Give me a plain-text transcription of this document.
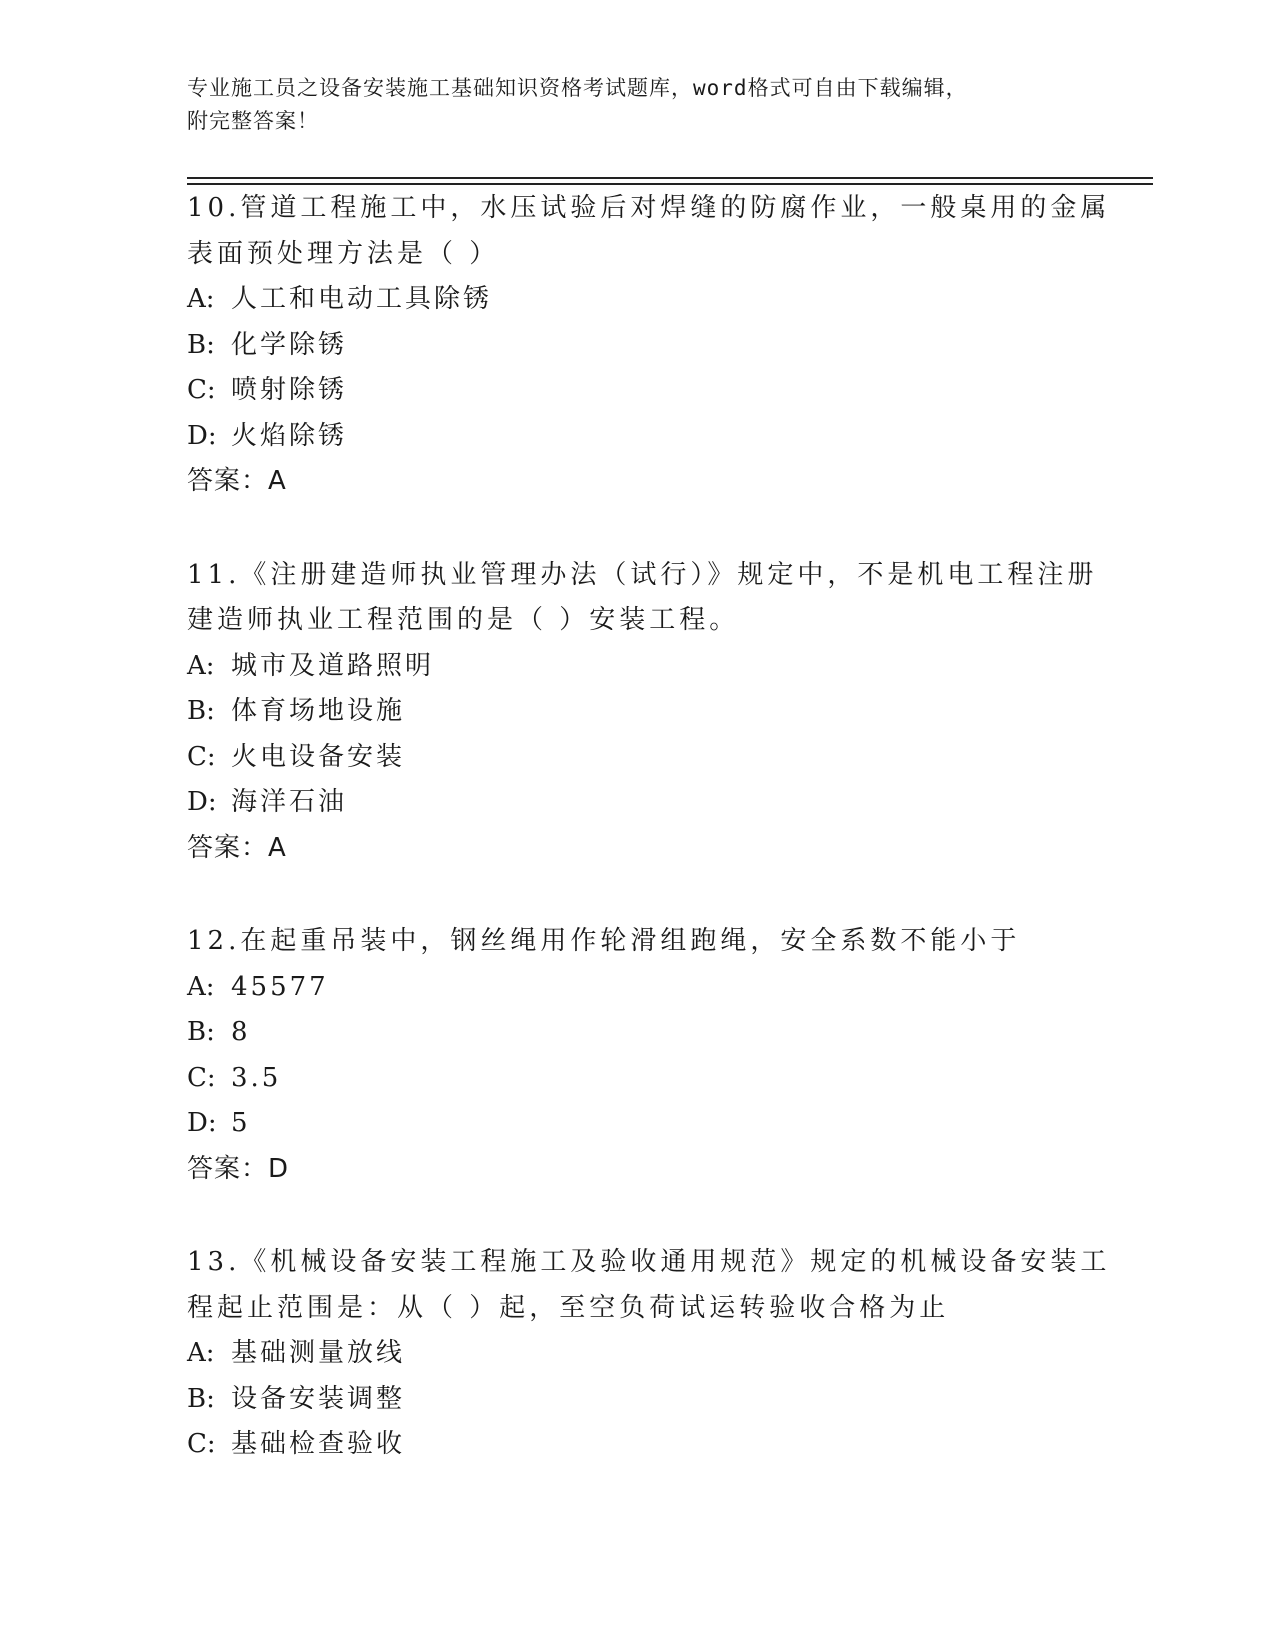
专业施工员之设备安装施工基础知识资格考试题库，word格式可自由下载编辑，
附完整答案！
10.管道工程施工中，水压试验后对焊缝的防腐作业，一般桌用的金属
表面预处理方法是（ ）
A: 人工和电动工具除锈
B: 化学除锈
C: 喷射除锈
D: 火焰除锈
答案：A
11.《注册建造师执业管理办法（试行）》规定中，不是机电工程注册
建造师执业工程范围的是（ ）安装工程。
A: 城市及道路照明
B: 体育场地设施
C: 火电设备安装
D: 海洋石油
答案：A
12.在起重吊装中，钢丝绳用作轮滑组跑绳，安全系数不能小于
A: 45577
B: 8
C: 3.5
D: 5
答案：D
13.《机械设备安装工程施工及验收通用规范》规定的机械设备安装工
程起止范围是：从（ ）起，至空负荷试运转验收合格为止
A: 基础测量放线
B: 设备安装调整
C: 基础检查验收
